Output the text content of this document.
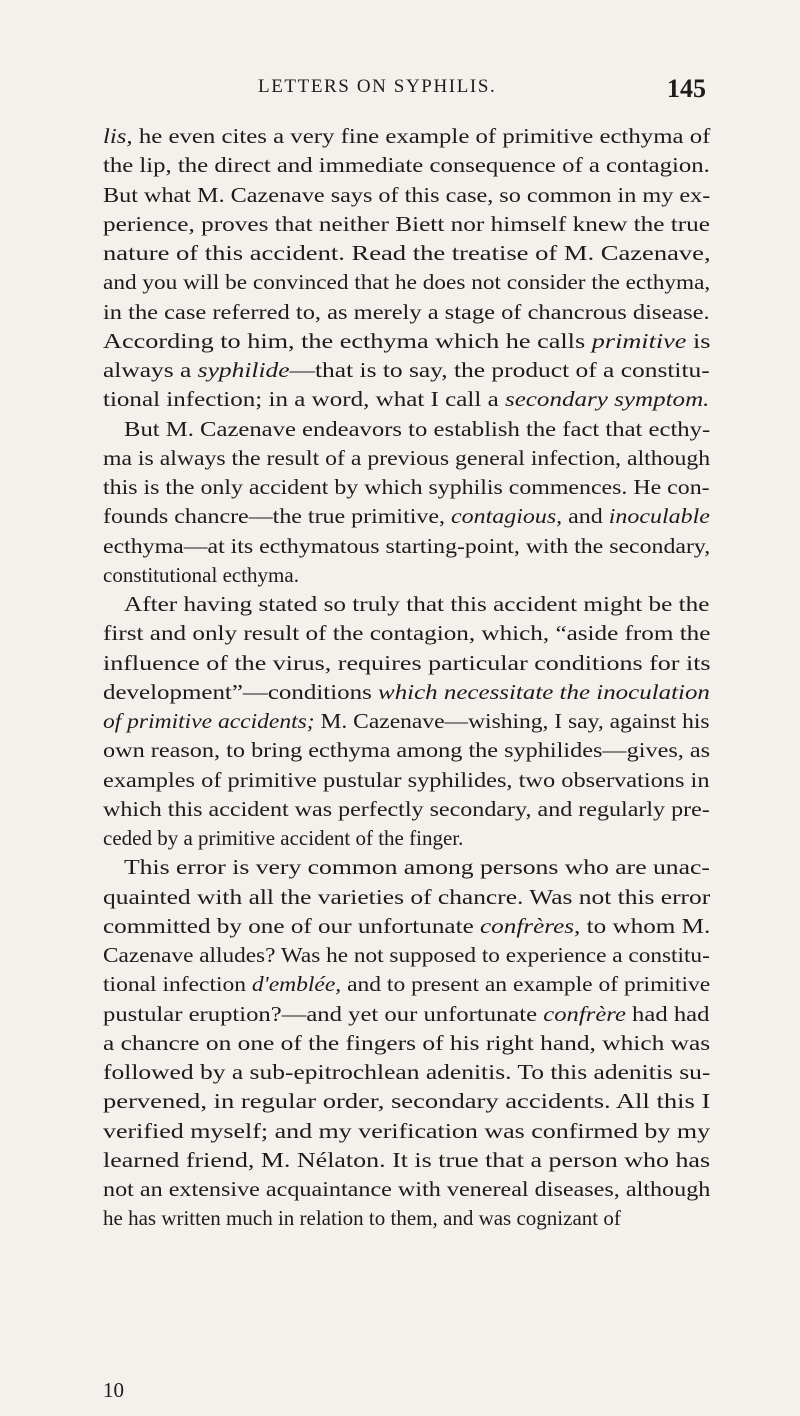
LETTERS ON SYPHILIS.	145
lis, he even cites a very fine example of primitive ecthyma of
the lip, the direct and immediate consequence of a contagion.
But what M. Cazenave says of this case, so common in my ex-
perience, proves that neither Biett nor himself knew the true
nature of this accident. Read the treatise of M. Cazenave,
and you will be convinced that he does not consider the ecthyma,
in the case referred to, as merely a stage of chancrous disease.
According to him, the ecthyma which he calls primitive is
always a syphilide—that is to say, the product of a constitu-
tional infection; in a word, what I call a secondary symptom.
But M. Cazenave endeavors to establish the fact that ecthy-
ma is always the result of a previous general infection, although
this is the only accident by which syphilis commences. He con-
founds chancre—the true primitive, contagious, and inoculable
ecthyma—at its ecthymatous starting-point, with the secondary,
constitutional ecthyma.
After having stated so truly that this accident might be the
first and only result of the contagion, which, “aside from the
influence of the virus, requires particular conditions for its
development”—conditions which necessitate the inoculation
of primitive accidents; M. Cazenave—wishing, I say, against his
own reason, to bring ecthyma among the syphilides—gives, as
examples of primitive pustular syphilides, two observations in
which this accident was perfectly secondary, and regularly pre-
ceded by a primitive accident of the finger.
This error is very common among persons who are unac-
quainted with all the varieties of chancre. Was not this error
committed by one of our unfortunate confrères, to whom M.
Cazenave alludes? Was he not supposed to experience a constitu-
tional infection d'emblée, and to present an example of primitive
pustular eruption?—and yet our unfortunate confrère had had
a chancre on one of the fingers of his right hand, which was
followed by a sub-epitrochlean adenitis. To this adenitis su-
pervened, in regular order, secondary accidents. All this I
verified myself; and my verification was confirmed by my
learned friend, M. Nélaton. It is true that a person who has
not an extensive acquaintance with venereal diseases, although
he has written much in relation to them, and was cognizant of
10
